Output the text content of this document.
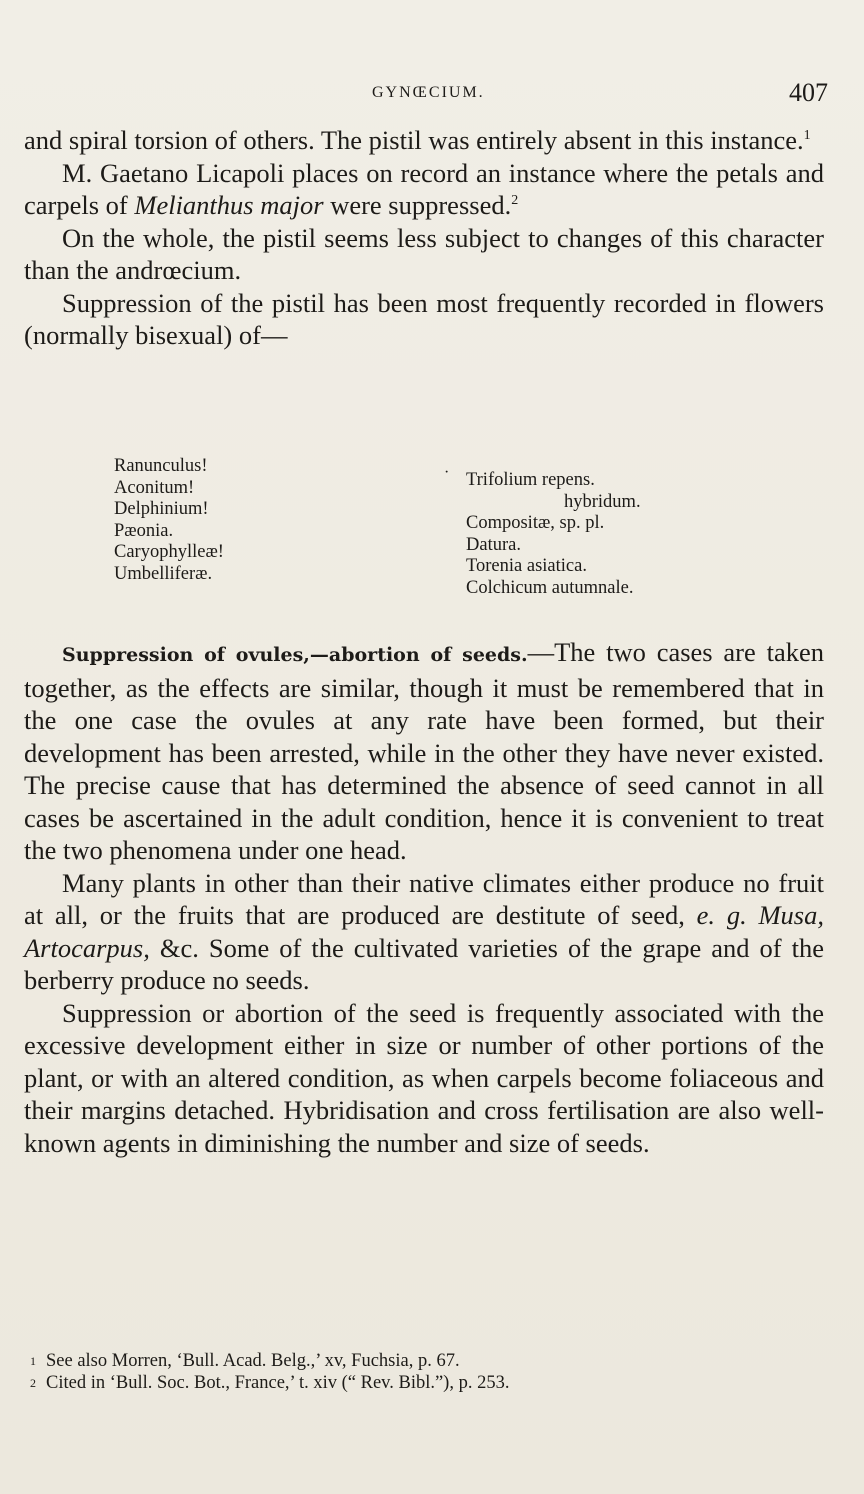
GYNŒCIUM.	407

and spiral torsion of others. The pistil was entirely absent in this instance.$^1$

M. Gaetano Licapoli places on record an instance where the petals and carpels of Melianthus major were suppressed.$^2$

On the whole, the pistil seems less subject to changes of this character than the andrœcium.

Suppression of the pistil has been most frequently recorded in flowers (normally bisexual) of—

Ranunculus!
Aconitum!
Delphinium!
Pæonia.
Caryophylleæ!
Umbelliferæ.
· Trifolium repens.
hybridum.
Compositæ, sp. pl.
Datura.
Torenia asiatica.
Colchicum autumnale.

Suppression of ovules,—abortion of seeds.—The two cases are taken together, as the effects are similar, though it must be remembered that in the one case the ovules at any rate have been formed, but their development has been arrested, while in the other they have never existed. The precise cause that has determined the absence of seed cannot in all cases be ascertained in the adult condition, hence it is convenient to treat the two phenomena under one head.

Many plants in other than their native climates either produce no fruit at all, or the fruits that are produced are destitute of seed, e. g. Musa, Artocarpus, &c. Some of the cultivated varieties of the grape and of the berberry produce no seeds.

Suppression or abortion of the seed is frequently associated with the excessive development either in size or number of other portions of the plant, or with an altered condition, as when carpels become foliaceous and their margins detached. Hybridisation and cross fertilisation are also well-known agents in diminishing the number and size of seeds.

$^1$ See also Morren, ‘Bull. Acad. Belg.,’ xv, Fuchsia, p. 67.
$^2$ Cited in ‘Bull. Soc. Bot., France,’ t. xiv (“ Rev. Bibl.”), p. 253.
